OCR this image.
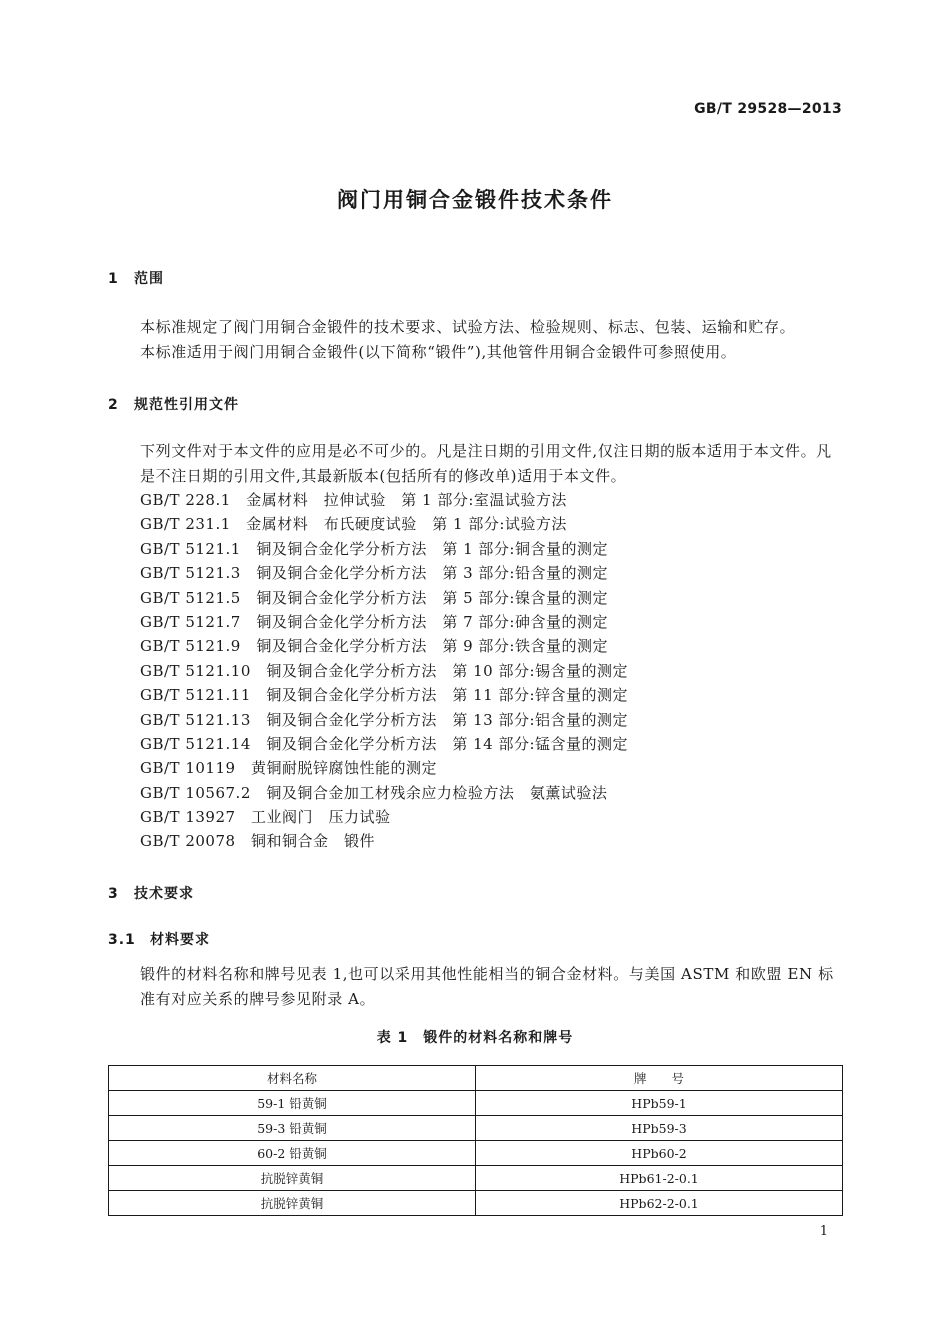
GB/T 29528—2013
阀门用铜合金锻件技术条件
1 范围

本标准规定了阀门用铜合金锻件的技术要求、试验方法、检验规则、标志、包装、运输和贮存。

本标准适用于阀门用铜合金锻件(以下简称“锻件”),其他管件用铜合金锻件可参照使用。

2 规范性引用文件

下列文件对于本文件的应用是必不可少的。凡是注日期的引用文件,仅注日期的版本适用于本文件。凡是不注日期的引用文件,其最新版本(包括所有的修改单)适用于本文件。

GB/T 228.1　金属材料　拉伸试验　第 1 部分:室温试验方法
GB/T 231.1　金属材料　布氏硬度试验　第 1 部分:试验方法
GB/T 5121.1　铜及铜合金化学分析方法　第 1 部分:铜含量的测定
GB/T 5121.3　铜及铜合金化学分析方法　第 3 部分:铅含量的测定
GB/T 5121.5　铜及铜合金化学分析方法　第 5 部分:镍含量的测定
GB/T 5121.7　铜及铜合金化学分析方法　第 7 部分:砷含量的测定
GB/T 5121.9　铜及铜合金化学分析方法　第 9 部分:铁含量的测定
GB/T 5121.10　铜及铜合金化学分析方法　第 10 部分:锡含量的测定
GB/T 5121.11　铜及铜合金化学分析方法　第 11 部分:锌含量的测定
GB/T 5121.13　铜及铜合金化学分析方法　第 13 部分:铝含量的测定
GB/T 5121.14　铜及铜合金化学分析方法　第 14 部分:锰含量的测定
GB/T 10119　黄铜耐脱锌腐蚀性能的测定
GB/T 10567.2　铜及铜合金加工材残余应力检验方法　氨薰试验法
GB/T 13927　工业阀门　压力试验
GB/T 20078　铜和铜合金　锻件
3 技术要求
3.1 材料要求

锻件的材料名称和牌号见表 1,也可以采用其他性能相当的铜合金材料。与美国 ASTM 和欧盟 EN 标准有对应关系的牌号参见附录 A。

表 1　锻件的材料名称和牌号
材料名称	牌　　号
59-1 铅黄铜	HPb59-1
59-3 铅黄铜	HPb59-3
60-2 铅黄铜	HPb60-2
抗脱锌黄铜	HPb61-2-0.1
抗脱锌黄铜	HPb62-2-0.1
1
